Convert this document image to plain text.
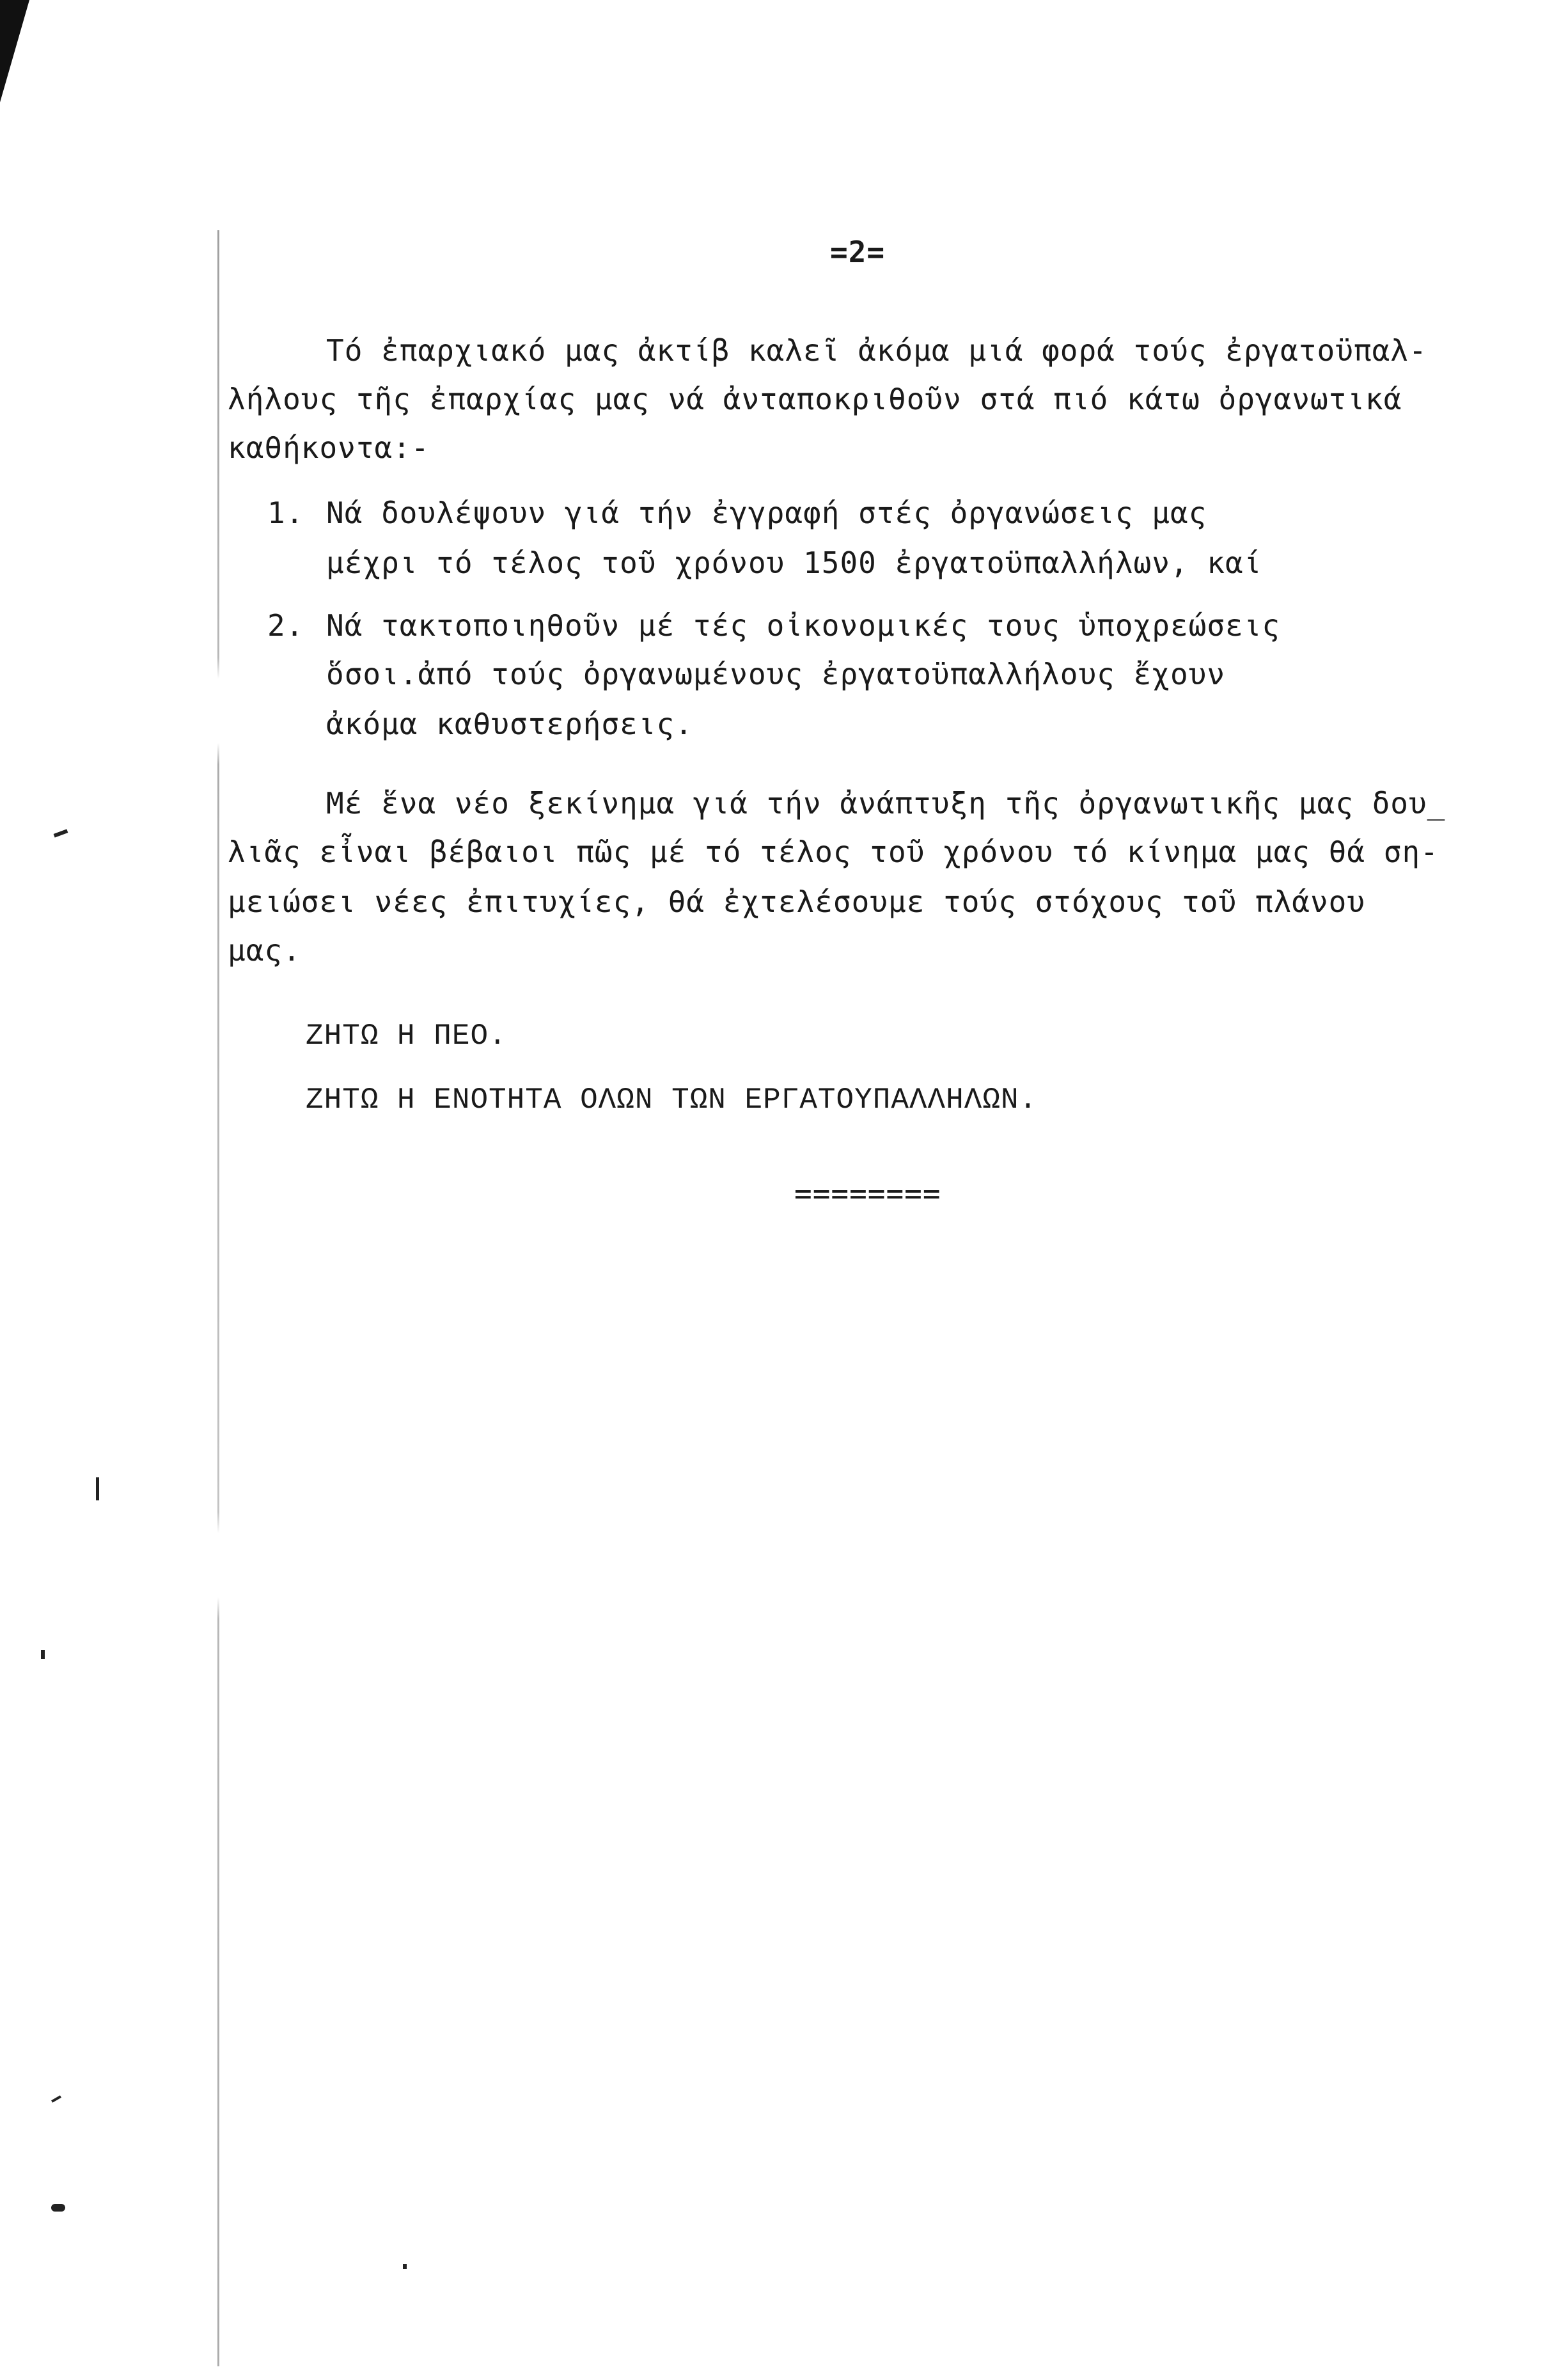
=2=

Τό ἐπαρχιακό μας ἀκτίβ καλεῖ ἀκόμα μιά φορά τούς ἐργατοϋπαλ-

λήλους τῆς ἐπαρχίας μας νά ἀνταποκριθοῦν στά πιό κάτω ὀργανωτικά

καθήκοντα:-

1. Νά δουλέψουν γιά τήν ἐγγραφή στές ὀργανώσεις μας

μέχρι τό τέλος τοῦ χρόνου 1500 ἐργατοϋπαλλήλων, καί

2. Νά τακτοποιηθοῦν μέ τές οἰκονομικές τους ὑποχρεώσεις

ὅσοι.ἀπό τούς ὀργανωμένους ἐργατοϋπαλλήλους ἔχουν

ἀκόμα καθυστερήσεις.

Μέ ἕνα νέο ξεκίνημα γιά τήν ἀνάπτυξη τῆς ὀργανωτικῆς μας δου_

λιᾶς εἶναι βέβαιοι πῶς μέ τό τέλος τοῦ χρόνου τό κίνημα μας θά ση-

μειώσει νέες ἐπιτυχίες, θά ἐχτελέσουμε τούς στόχους τοῦ πλάνου

μας.

ΖΗΤΩ Η ΠΕΟ.

ΖΗΤΩ Η ΕΝΟΤΗΤΑ ΟΛΩΝ ΤΩΝ ΕΡΓΑΤΟΥΠΑΛΛΗΛΩΝ.

========
